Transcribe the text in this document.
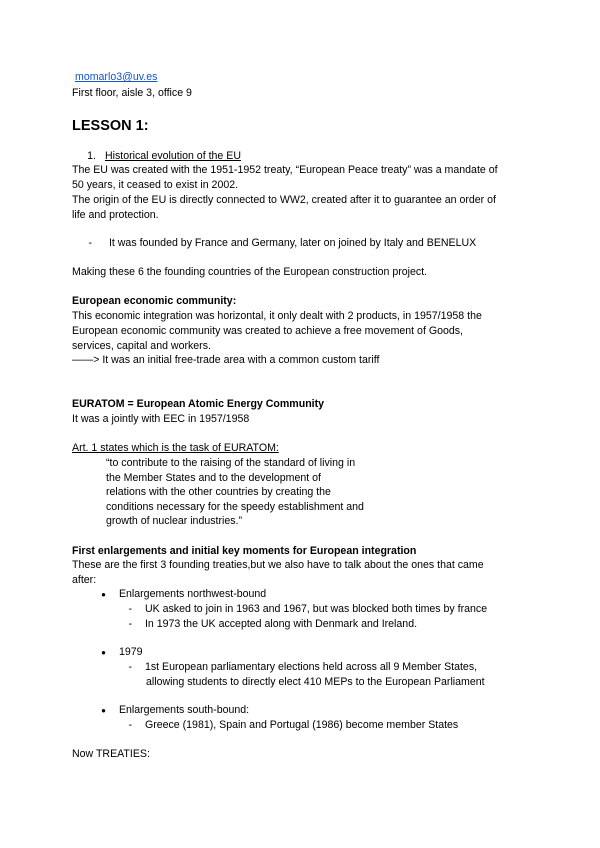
momarlo3@uv.es
First floor, aisle 3, office 9
LESSON 1:
1. Historical evolution of the EU
The EU was created with the 1951-1952 treaty, “European Peace treaty” was a mandate of
50 years, it ceased to exist in 2002.
The origin of the EU is directly connected to WW2, created after it to guarantee an order of
life and protection.
- It was founded by France and Germany, later on joined by Italy and BENELUX
Making these 6 the founding countries of the European construction project.
European economic community:
This economic integration was horizontal, it only dealt with 2 products, in 1957/1958 the
European economic community was created to achieve a free movement of Goods,
services, capital and workers.
——> It was an initial free-trade area with a common custom tariff
EURATOM = European Atomic Energy Community
It was a jointly with EEC in 1957/1958
Art. 1 states which is the task of EURATOM:
“to contribute to the raising of the standard of living in
the Member States and to the development of
relations with the other countries by creating the
conditions necessary for the speedy establishment and
growth of nuclear industries.”
First enlargements and initial key moments for European integration
These are the first 3 founding treaties,but we also have to talk about the ones that came
after:
● Enlargements northwest-bound
- UK asked to join in 1963 and 1967, but was blocked both times by france
- In 1973 the UK accepted along with Denmark and Ireland.
● 1979
- 1st European parliamentary elections held across all 9 Member States,
allowing students to directly elect 410 MEPs to the European Parliament
● Enlargements south-bound:
- Greece (1981), Spain and Portugal (1986) become member States
Now TREATIES:
